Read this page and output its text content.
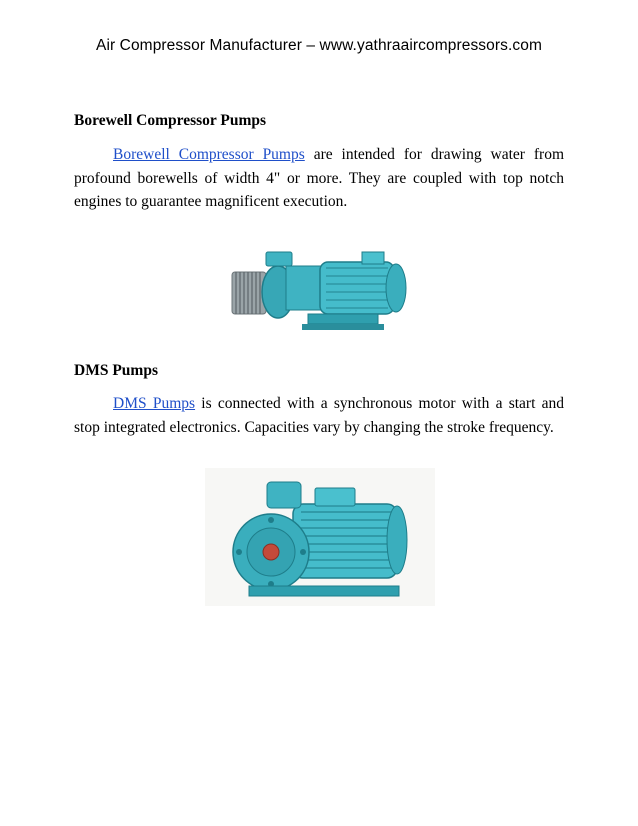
Air Compressor Manufacturer – www.yathraaircompressors.com

Borewell Compressor Pumps

Borewell Compressor Pumps are intended for drawing water from profound borewells of width 4" or more. They are coupled with top notch engines to guarantee magnificent execution.

DMS Pumps

DMS Pumps is connected with a synchronous motor with a start and stop integrated electronics. Capacities vary by changing the stroke frequency.
